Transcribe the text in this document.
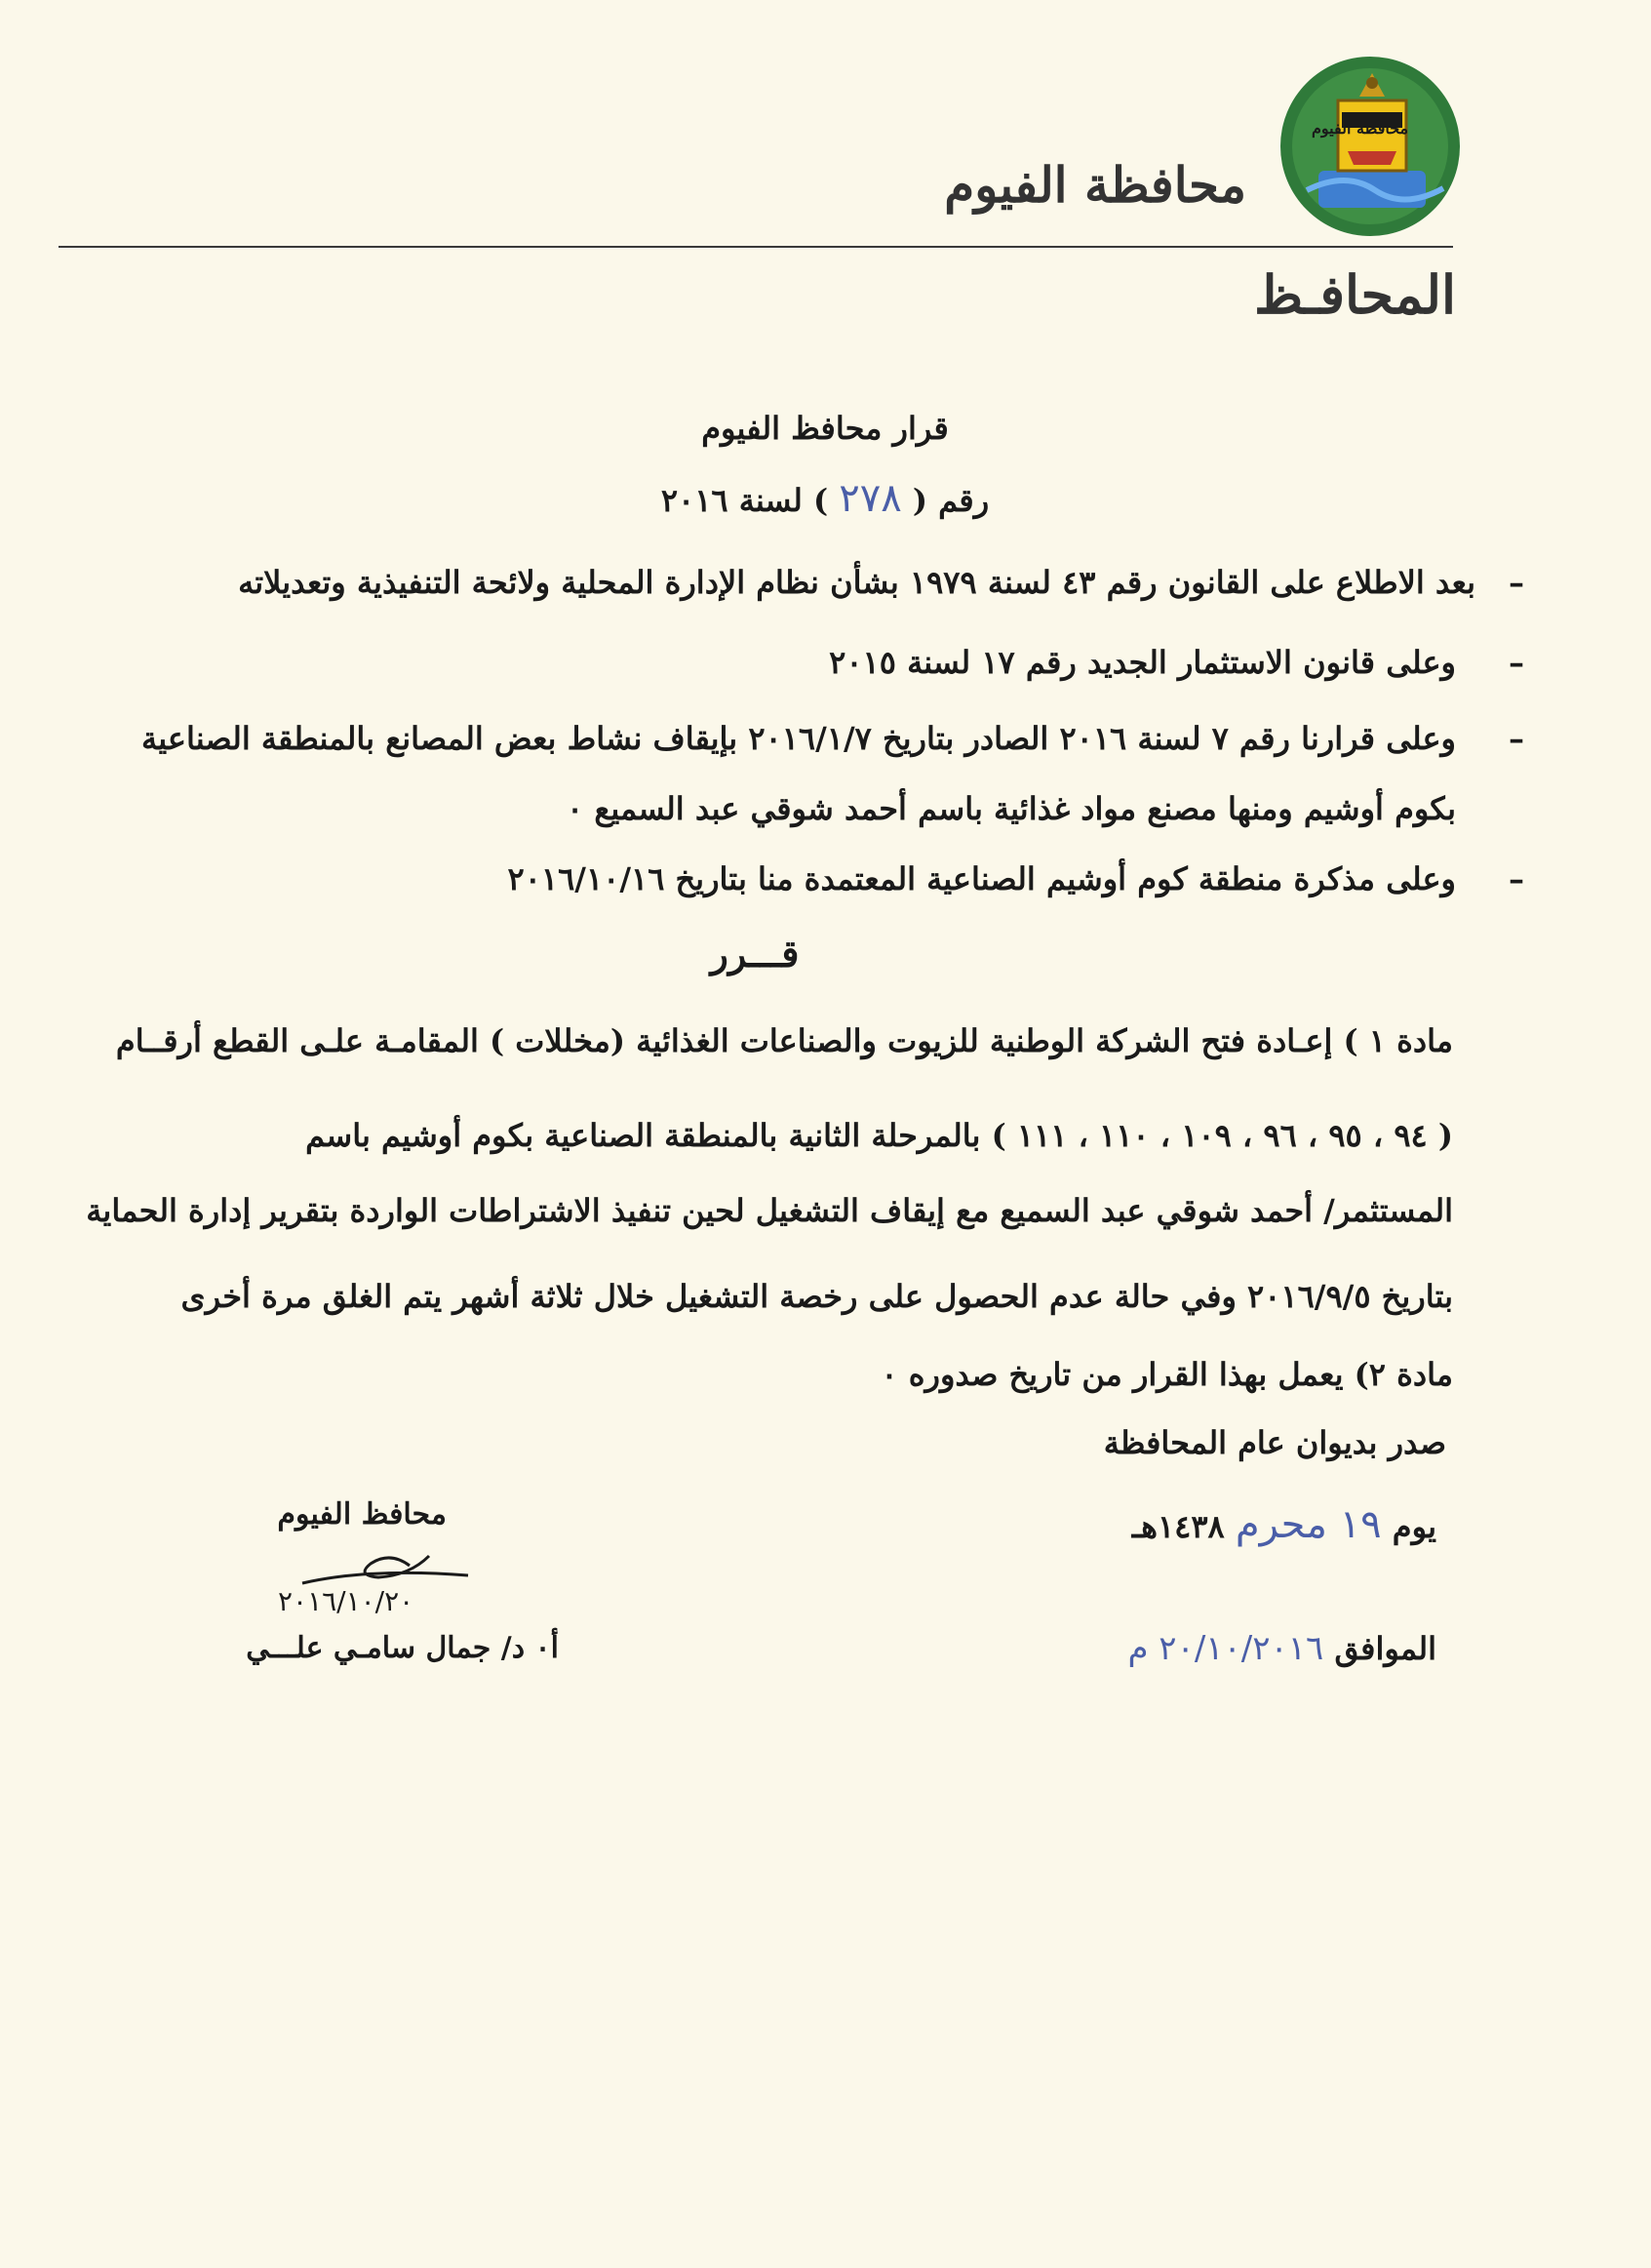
محافظة الفيوم
محافظة الفيوم
المحافـظ
قرار محافظ الفيوم
رقم ( ٢٧٨ ) لسنة ٢٠١٦
–
بعد الاطلاع على القانون رقم ٤٣ لسنة ١٩٧٩ بشأن نظام الإدارة المحلية ولائحة التنفيذية وتعديلاته
–
وعلى قانون الاستثمار الجديد رقم ١٧ لسنة ٢٠١٥
–
وعلى قرارنا رقم ٧ لسنة ٢٠١٦ الصادر بتاريخ ٢٠١٦/١/٧ بإيقاف نشاط بعض المصانع بالمنطقة الصناعية
بكوم أوشيم ومنها مصنع مواد غذائية باسم أحمد شوقي عبد السميع ٠
–
وعلى مذكرة منطقة كوم أوشيم الصناعية المعتمدة منا بتاريخ ٢٠١٦/١٠/١٦
قـــرر
مادة ١ ) إعـادة فتح الشركة الوطنية للزيوت والصناعات الغذائية (مخللات ) المقامـة علـى القطع أرقــام
( ٩٤ ، ٩٥ ، ٩٦ ، ١٠٩ ، ١١٠ ، ١١١ ) بالمرحلة الثانية بالمنطقة الصناعية بكوم أوشيم باسم
المستثمر/ أحمد شوقي عبد السميع مع إيقاف التشغيل لحين تنفيذ الاشتراطات الواردة بتقرير إدارة الحماية
بتاريخ ٢٠١٦/٩/٥ وفي حالة عدم الحصول على رخصة التشغيل خلال ثلاثة أشهر يتم الغلق مرة أخرى
مادة ٢) يعمل بهذا القرار من تاريخ صدوره ٠
صدر بديوان عام المحافظة
يوم ١٩ محرم ١٤٣٨هـ
الموافق ٢٠/١٠/٢٠١٦ م
محافظ الفيوم
٢٠١٦/١٠/٢٠
أ٠ د/ جمال سامـي علـــي
